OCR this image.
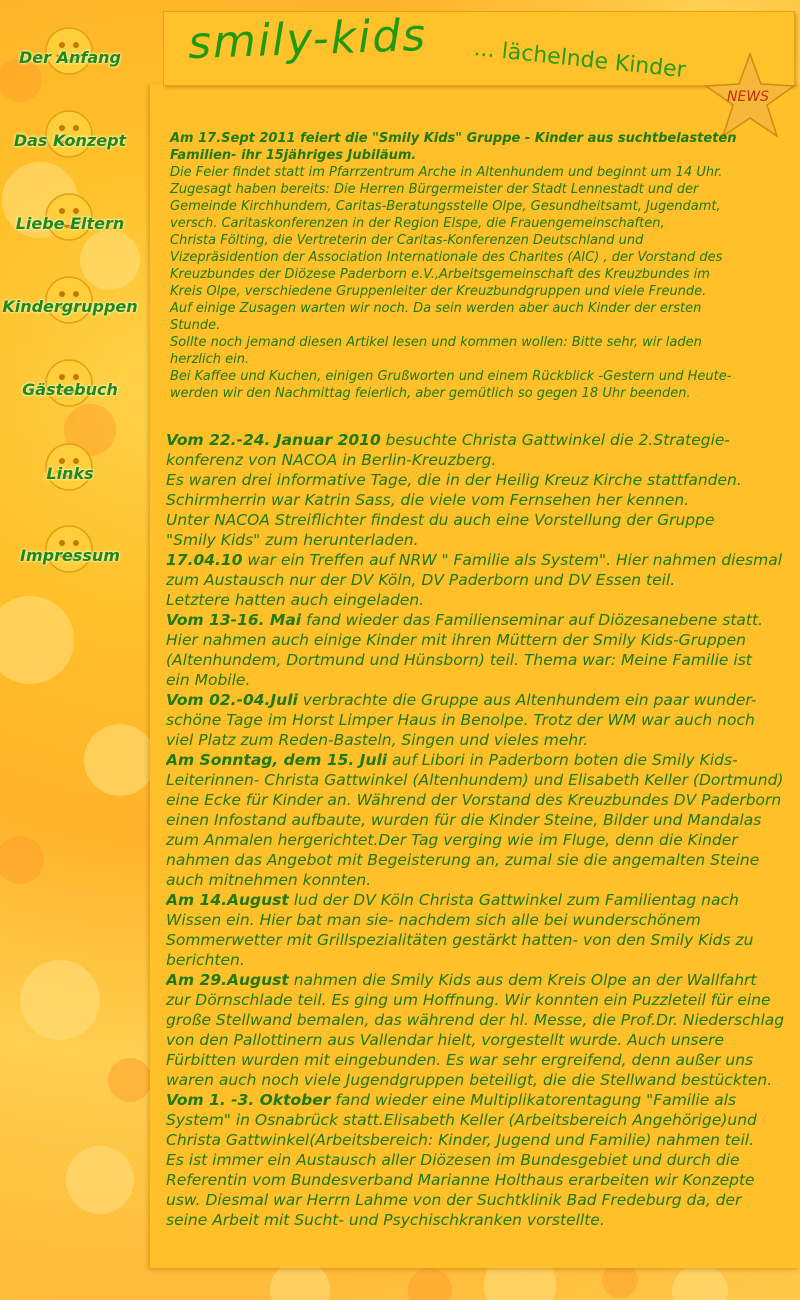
Der Anfang
Das Konzept
Liebe Eltern
Kindergruppen
Gästebuch
Links
Impressum
smily-kids ... lächelnde Kinder
NEWS

Am 17.Sept 2011 feiert die "Smily Kids" Gruppe - Kinder aus suchtbelasteten Familien- ihr 15jähriges Jubiläum.

Die Feier findet statt im Pfarrzentrum Arche in Altenhundem und beginnt um 14 Uhr.

Zugesagt haben bereits: Die Herren Bürgermeister der Stadt Lennestadt und der

Gemeinde Kirchhundem, Caritas-Beratungsstelle Olpe, Gesundheitsamt, Jugendamt,

versch. Caritaskonferenzen in der Region Elspe, die Frauengemeinschaften,

Christa Fölting, die Vertreterin der Caritas-Konferenzen Deutschland und

Vizepräsidention der Association Internationale des Charites (AIC) , der Vorstand des

Kreuzbundes der Diözese Paderborn e.V.,Arbeitsgemeinschaft des Kreuzbundes im

Kreis Olpe, verschiedene Gruppenleiter der Kreuzbundgruppen und viele Freunde.

Auf einige Zusagen warten wir noch. Da sein werden aber auch Kinder der ersten

Stunde.

Sollte noch jemand diesen Artikel lesen und kommen wollen: Bitte sehr, wir laden

herzlich ein.

Bei Kaffee und Kuchen, einigen Grußworten und einem Rückblick -Gestern und Heute-

werden wir den Nachmittag feierlich, aber gemütlich so gegen 18 Uhr beenden.

Vom 22.-24. Januar 2010 besuchte Christa Gattwinkel die 2.Strategie-

konferenz von NACOA in Berlin-Kreuzberg.

Es waren drei informative Tage, die in der Heilig Kreuz Kirche stattfanden.

Schirmherrin war Katrin Sass, die viele vom Fernsehen her kennen.

Unter NACOA Streiflichter findest du auch eine Vorstellung der Gruppe

"Smily Kids" zum herunterladen.

17.04.10 war ein Treffen auf NRW " Familie als System". Hier nahmen diesmal

zum Austausch nur der DV Köln, DV Paderborn und DV Essen teil.

Letztere hatten auch eingeladen.

Vom 13-16. Mai fand wieder das Familienseminar auf Diözesanebene statt.

Hier nahmen auch einige Kinder mit ihren Müttern der Smily Kids-Gruppen

(Altenhundem, Dortmund und Hünsborn) teil. Thema war: Meine Familie ist

ein Mobile.

Vom 02.-04.Juli verbrachte die Gruppe aus Altenhundem ein paar wunder-

schöne Tage im Horst Limper Haus in Benolpe. Trotz der WM war auch noch

viel Platz zum Reden-Basteln, Singen und vieles mehr.

Am Sonntag, dem 15. Juli auf Libori in Paderborn boten die Smily Kids-

Leiterinnen- Christa Gattwinkel (Altenhundem) und Elisabeth Keller (Dortmund)

eine Ecke für Kinder an. Während der Vorstand des Kreuzbundes DV Paderborn

einen Infostand aufbaute, wurden für die Kinder Steine, Bilder und Mandalas

zum Anmalen hergerichtet.Der Tag verging wie im Fluge, denn die Kinder

nahmen das Angebot mit Begeisterung an, zumal sie die angemalten Steine

auch mitnehmen konnten.

Am 14.August lud der DV Köln Christa Gattwinkel zum Familientag nach

Wissen ein. Hier bat man sie- nachdem sich alle bei wunderschönem

Sommerwetter mit Grillspezialitäten gestärkt hatten- von den Smily Kids zu

berichten.

Am 29.August nahmen die Smily Kids aus dem Kreis Olpe an der Wallfahrt

zur Dörnschlade teil. Es ging um Hoffnung. Wir konnten ein Puzzleteil für eine

große Stellwand bemalen, das während der hl. Messe, die Prof.Dr. Niederschlag

von den Pallottinern aus Vallendar hielt, vorgestellt wurde. Auch unsere

Fürbitten wurden mit eingebunden. Es war sehr ergreifend, denn außer uns

waren auch noch viele Jugendgruppen beteiligt, die die Stellwand bestückten.

Vom 1. -3. Oktober fand wieder eine Multiplikatorentagung "Familie als

System" in Osnabrück statt.Elisabeth Keller (Arbeitsbereich Angehörige)und

Christa Gattwinkel(Arbeitsbereich: Kinder, Jugend und Familie) nahmen teil.

Es ist immer ein Austausch aller Diözesen im Bundesgebiet und durch die

Referentin vom Bundesverband Marianne Holthaus erarbeiten wir Konzepte

usw. Diesmal war Herrn Lahme von der Suchtklinik Bad Fredeburg da, der

seine Arbeit mit Sucht- und Psychischkranken vorstellte.
